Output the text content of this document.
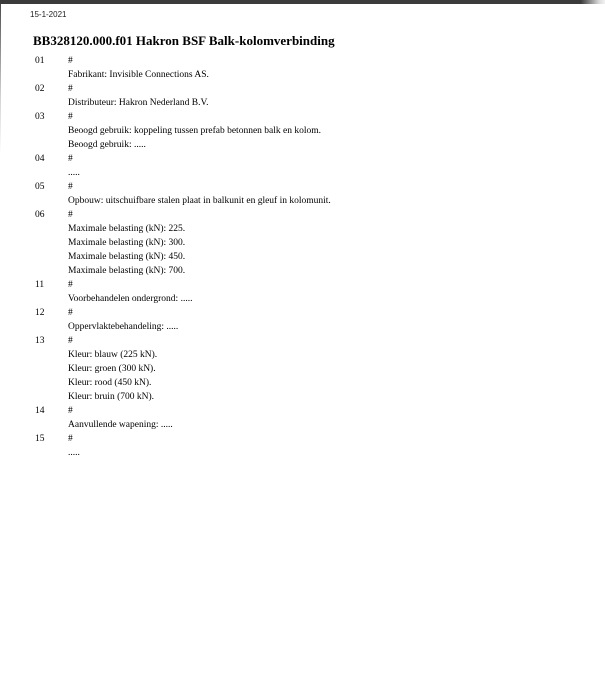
15-1-2021
BB328120.000.f01 Hakron BSF Balk-kolomverbinding
01	#
Fabrikant: Invisible Connections AS.
02	#
Distributeur: Hakron Nederland B.V.
03	#
Beoogd gebruik: koppeling tussen prefab betonnen balk en kolom.
Beoogd gebruik: .....
04	#
.....
05	#
Opbouw: uitschuifbare stalen plaat in balkunit en gleuf in kolomunit.
06	#
Maximale belasting (kN): 225.
Maximale belasting (kN): 300.
Maximale belasting (kN): 450.
Maximale belasting (kN): 700.
11	#
Voorbehandelen ondergrond: .....
12	#
Oppervlaktebehandeling: .....
13	#
Kleur: blauw (225 kN).
Kleur: groen (300 kN).
Kleur: rood (450 kN).
Kleur: bruin (700 kN).
14	#
Aanvullende wapening: .....
15	#
.....
